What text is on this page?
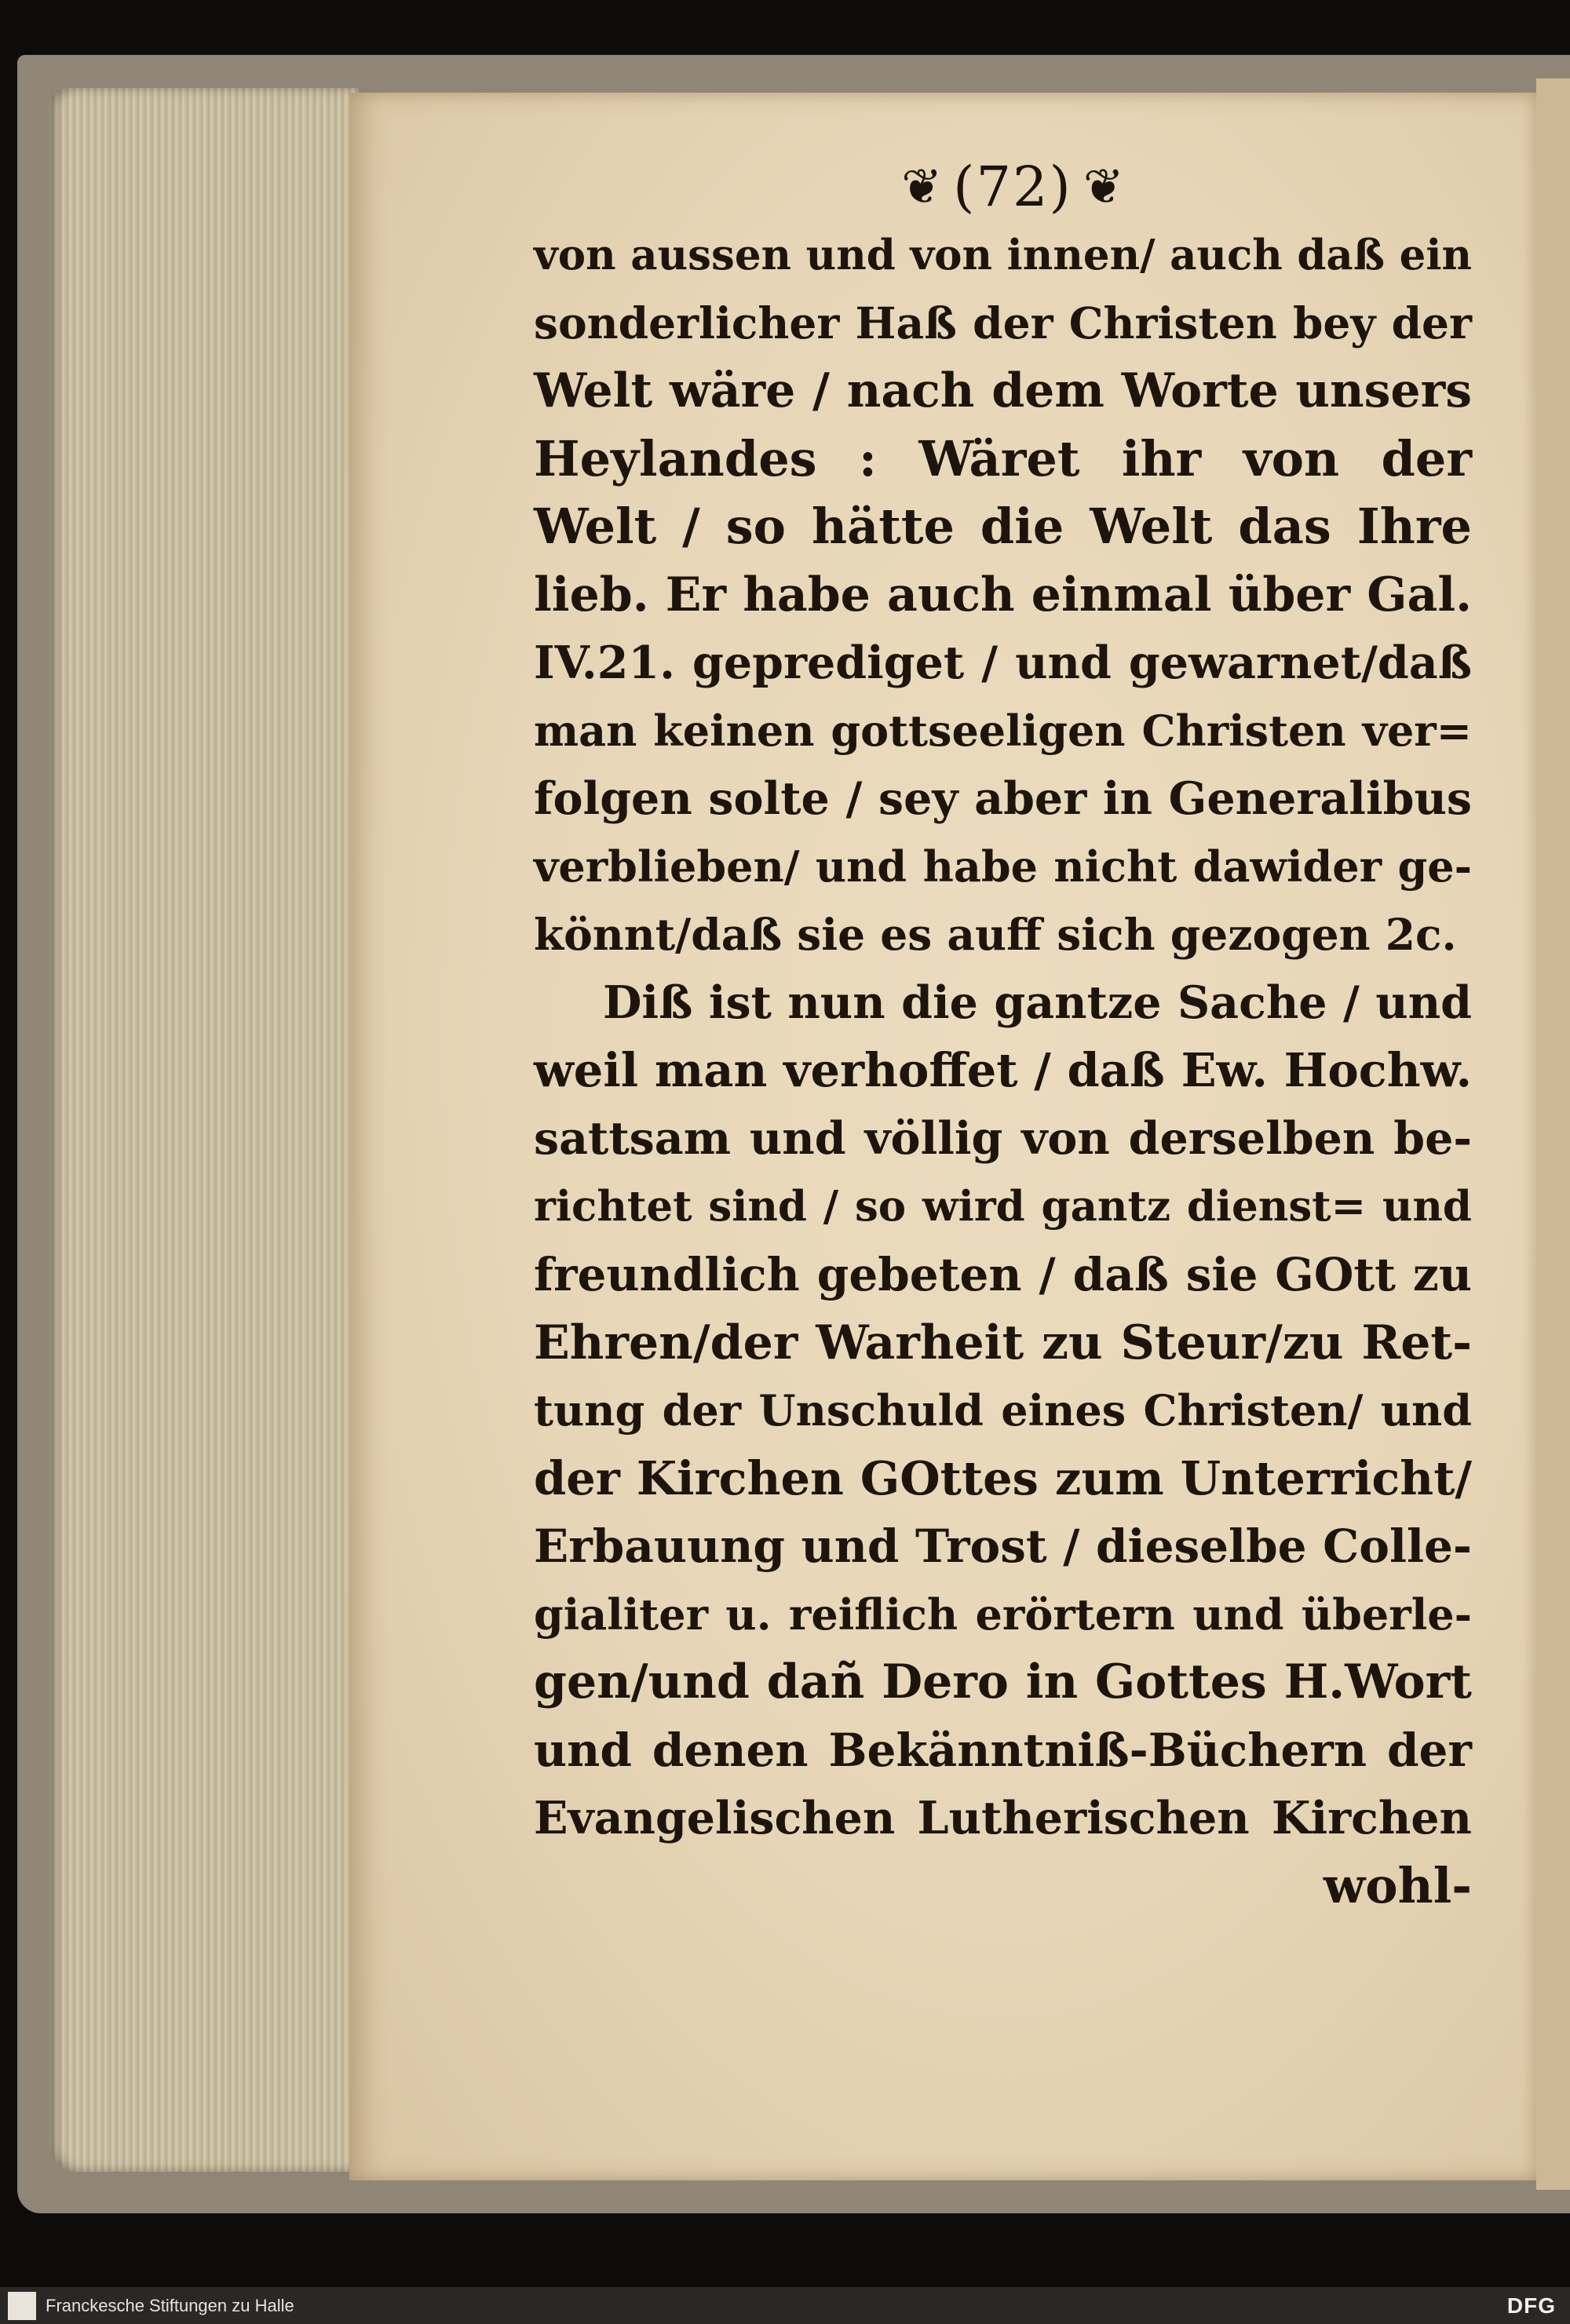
❦ (72) ❦
von aussen und von innen/ auch daß ein
sonderlicher Haß der Christen bey der
Welt wäre / nach dem Worte unsers
Heylandes : Wäret ihr von der
Welt / so hätte die Welt das Ihre
lieb. Er habe auch einmal über Gal.
IV.21. geprediget / und gewarnet/daß
man keinen gottseeligen Christen ver=
folgen solte / sey aber in Generalibus
verblieben/ und habe nicht dawider ge-
könnt/daß sie es auff sich gezogen 2c.
Diß ist nun die gantze Sache / und
weil man verhoffet / daß Ew. Hochw.
sattsam und völlig von derselben be-
richtet sind / so wird gantz dienst= und
freundlich gebeten / daß sie GOtt zu
Ehren/der Warheit zu Steur/zu Ret-
tung der Unschuld eines Christen/ und
der Kirchen GOttes zum Unterricht/
Erbauung und Trost / dieselbe Colle-
gialiter u. reiflich erörtern und überle-
gen/und dañ Dero in Gottes H.Wort
und denen Bekänntniß-Büchern der
Evangelischen Lutherischen Kirchen
wohl-
Franckesche Stiftungen zu Halle	DFG
